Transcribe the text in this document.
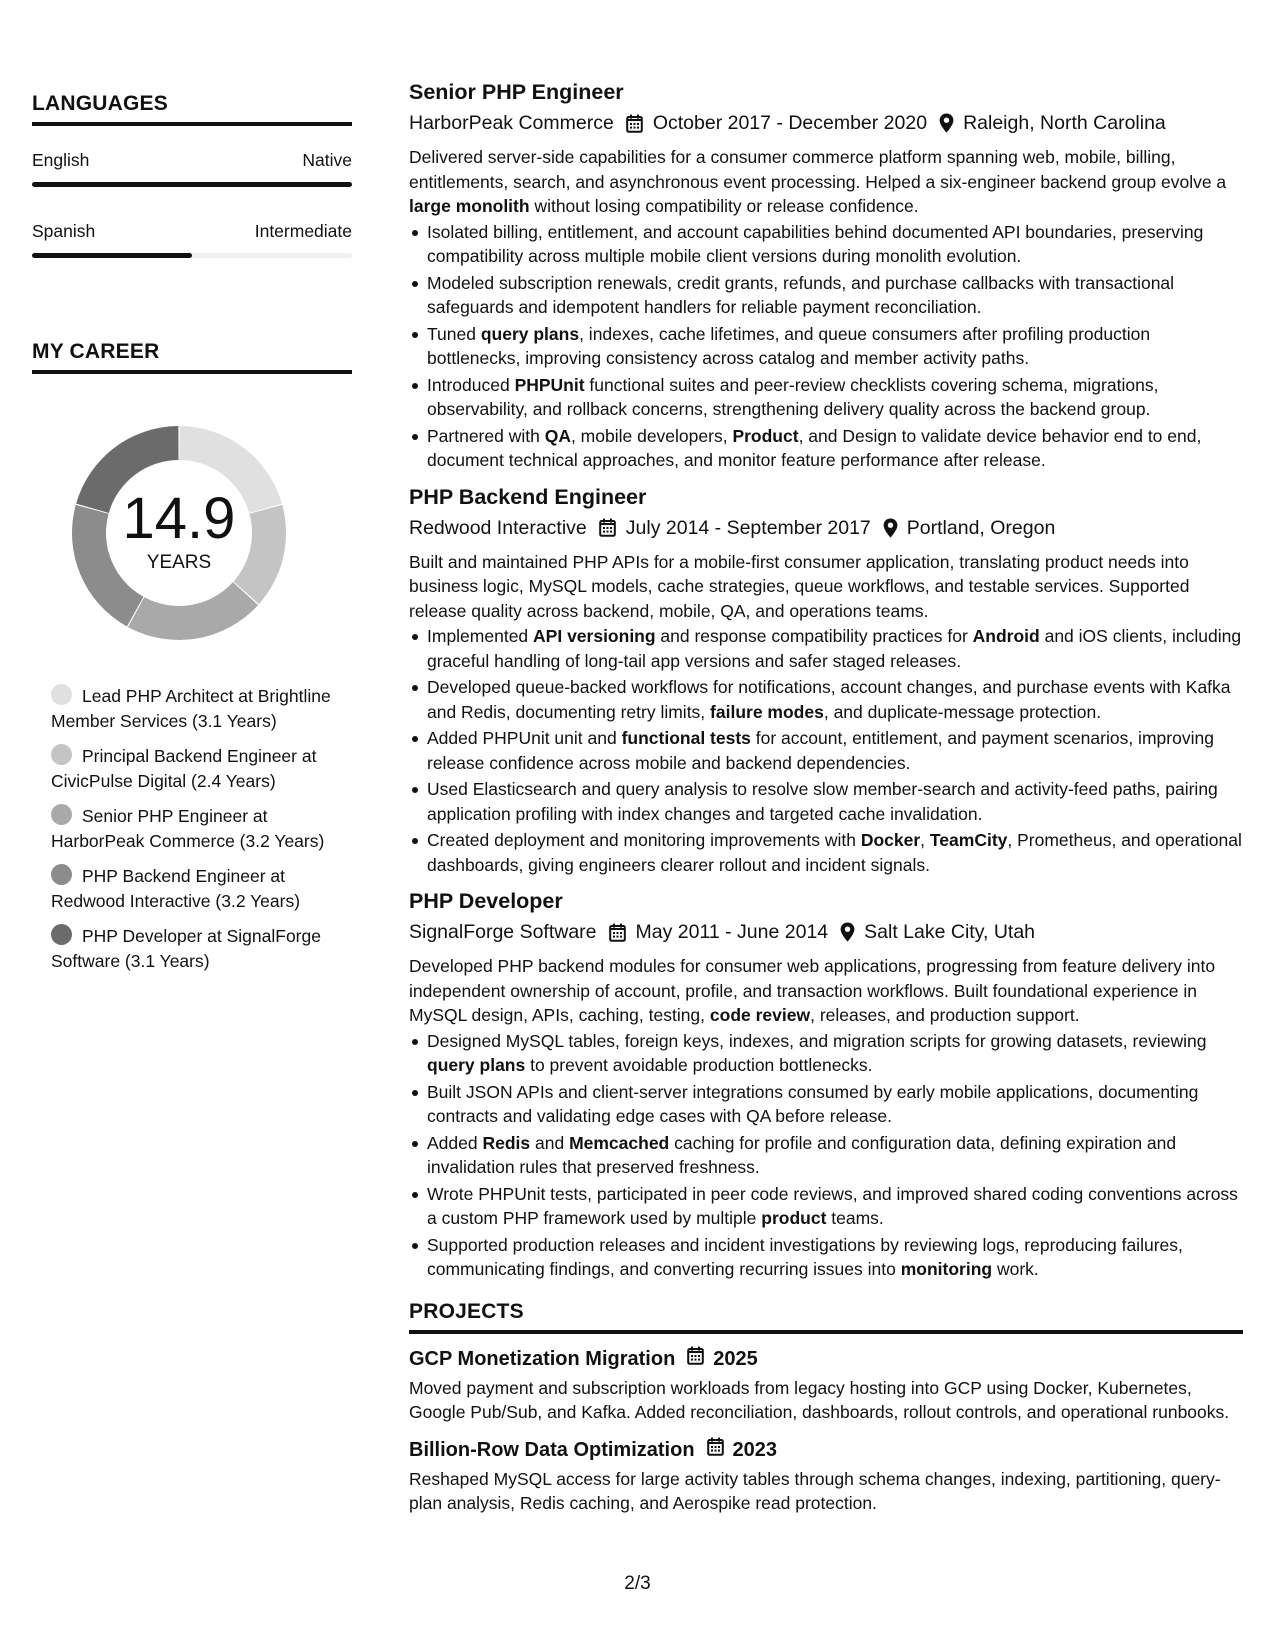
LANGUAGES
English	Native
Spanish	Intermediate
MY CAREER
14.9
YEARS
Lead PHP Architect at Brightline Member Services (3.1 Years)
Principal Backend Engineer at CivicPulse Digital (2.4 Years)
Senior PHP Engineer at HarborPeak Commerce (3.2 Years)
PHP Backend Engineer at Redwood Interactive (3.2 Years)
PHP Developer at SignalForge Software (3.1 Years)
Senior PHP Engineer
HarborPeak Commerce October 2017 - December 2020 Raleigh, North Carolina
Delivered server-side capabilities for a consumer commerce platform spanning web, mobile, billing, entitlements, search, and asynchronous event processing. Helped a six-engineer backend group evolve a large monolith without losing compatibility or release confidence.
Isolated billing, entitlement, and account capabilities behind documented API boundaries, preserving compatibility across multiple mobile client versions during monolith evolution.
Modeled subscription renewals, credit grants, refunds, and purchase callbacks with transactional safeguards and idempotent handlers for reliable payment reconciliation.
Tuned query plans, indexes, cache lifetimes, and queue consumers after profiling production bottlenecks, improving consistency across catalog and member activity paths.
Introduced PHPUnit functional suites and peer-review checklists covering schema, migrations, observability, and rollback concerns, strengthening delivery quality across the backend group.
Partnered with QA, mobile developers, Product, and Design to validate device behavior end to end, document technical approaches, and monitor feature performance after release.
PHP Backend Engineer
Redwood Interactive July 2014 - September 2017 Portland, Oregon
Built and maintained PHP APIs for a mobile-first consumer application, translating product needs into business logic, MySQL models, cache strategies, queue workflows, and testable services. Supported release quality across backend, mobile, QA, and operations teams.
Implemented API versioning and response compatibility practices for Android and iOS clients, including graceful handling of long-tail app versions and safer staged releases.
Developed queue-backed workflows for notifications, account changes, and purchase events with Kafka and Redis, documenting retry limits, failure modes, and duplicate-message protection.
Added PHPUnit unit and functional tests for account, entitlement, and payment scenarios, improving release confidence across mobile and backend dependencies.
Used Elasticsearch and query analysis to resolve slow member-search and activity-feed paths, pairing application profiling with index changes and targeted cache invalidation.
Created deployment and monitoring improvements with Docker, TeamCity, Prometheus, and operational dashboards, giving engineers clearer rollout and incident signals.
PHP Developer
SignalForge Software May 2011 - June 2014 Salt Lake City, Utah
Developed PHP backend modules for consumer web applications, progressing from feature delivery into independent ownership of account, profile, and transaction workflows. Built foundational experience in MySQL design, APIs, caching, testing, code review, releases, and production support.
Designed MySQL tables, foreign keys, indexes, and migration scripts for growing datasets, reviewing query plans to prevent avoidable production bottlenecks.
Built JSON APIs and client-server integrations consumed by early mobile applications, documenting contracts and validating edge cases with QA before release.
Added Redis and Memcached caching for profile and configuration data, defining expiration and invalidation rules that preserved freshness.
Wrote PHPUnit tests, participated in peer code reviews, and improved shared coding conventions across a custom PHP framework used by multiple product teams.
Supported production releases and incident investigations by reviewing logs, reproducing failures, communicating findings, and converting recurring issues into monitoring work.
PROJECTS
GCP Monetization Migration 2025
Moved payment and subscription workloads from legacy hosting into GCP using Docker, Kubernetes, Google Pub/Sub, and Kafka. Added reconciliation, dashboards, rollout controls, and operational runbooks.
Billion-Row Data Optimization 2023
Reshaped MySQL access for large activity tables through schema changes, indexing, partitioning, query-plan analysis, Redis caching, and Aerospike read protection.
2/3
